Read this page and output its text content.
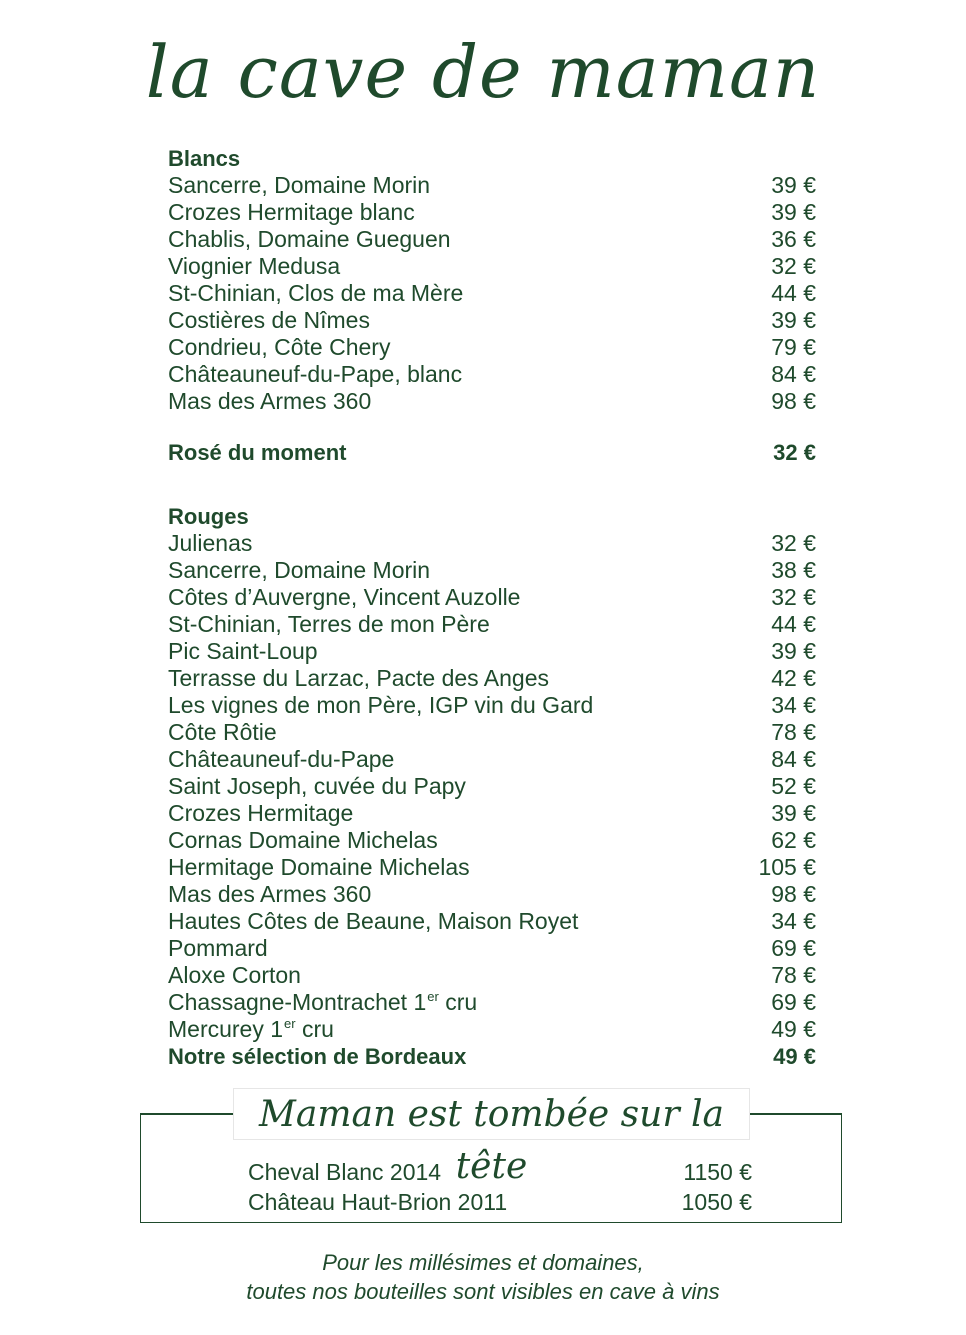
la cave de maman
Blancs
Sancerre, Domaine Morin	39 €
Crozes Hermitage blanc	39 €
Chablis, Domaine Gueguen	36 €
Viognier Medusa	32 €
St-Chinian, Clos de ma Mère	44 €
Costières de Nîmes	39 €
Condrieu, Côte Chery	79 €
Châteauneuf-du-Pape, blanc	84 €
Mas des Armes 360	98 €
Rosé du moment	32 €
Rouges
Julienas	32 €
Sancerre, Domaine Morin	38 €
Côtes d’Auvergne, Vincent Auzolle	32 €
St-Chinian, Terres de mon Père	44 €
Pic Saint-Loup	39 €
Terrasse du Larzac, Pacte des Anges	42 €
Les vignes de mon Père, IGP vin du Gard	34 €
Côte Rôtie	78 €
Châteauneuf-du-Pape	84 €
Saint Joseph, cuvée du Papy	52 €
Crozes Hermitage	39 €
Cornas Domaine Michelas	62 €
Hermitage Domaine Michelas	105 €
Mas des Armes 360	98 €
Hautes Côtes de Beaune, Maison Royet	34 €
Pommard	69 €
Aloxe Corton	78 €
Chassagne-Montrachet 1er cru	69 €
Mercurey 1er cru	49 €
Notre sélection de Bordeaux	49 €
Maman est tombée sur la tête
Cheval Blanc 2014	1150 €
Château Haut-Brion 2011	1050 €
Pour les millésimes et domaines,
toutes nos bouteilles sont visibles en cave à vins
